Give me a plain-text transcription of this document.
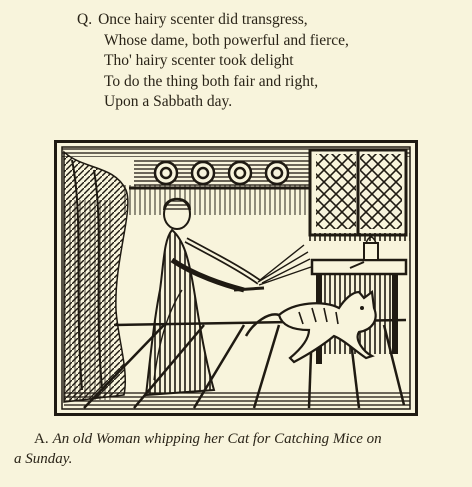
Q. Once hairy scenter did transgress,
Whose dame, both powerful and fierce,
Tho' hairy scenter took delight
To do the thing both fair and right,
Upon a Sabbath day.
A. An old Woman whipping her Cat for Catching Mice on
a Sunday.
